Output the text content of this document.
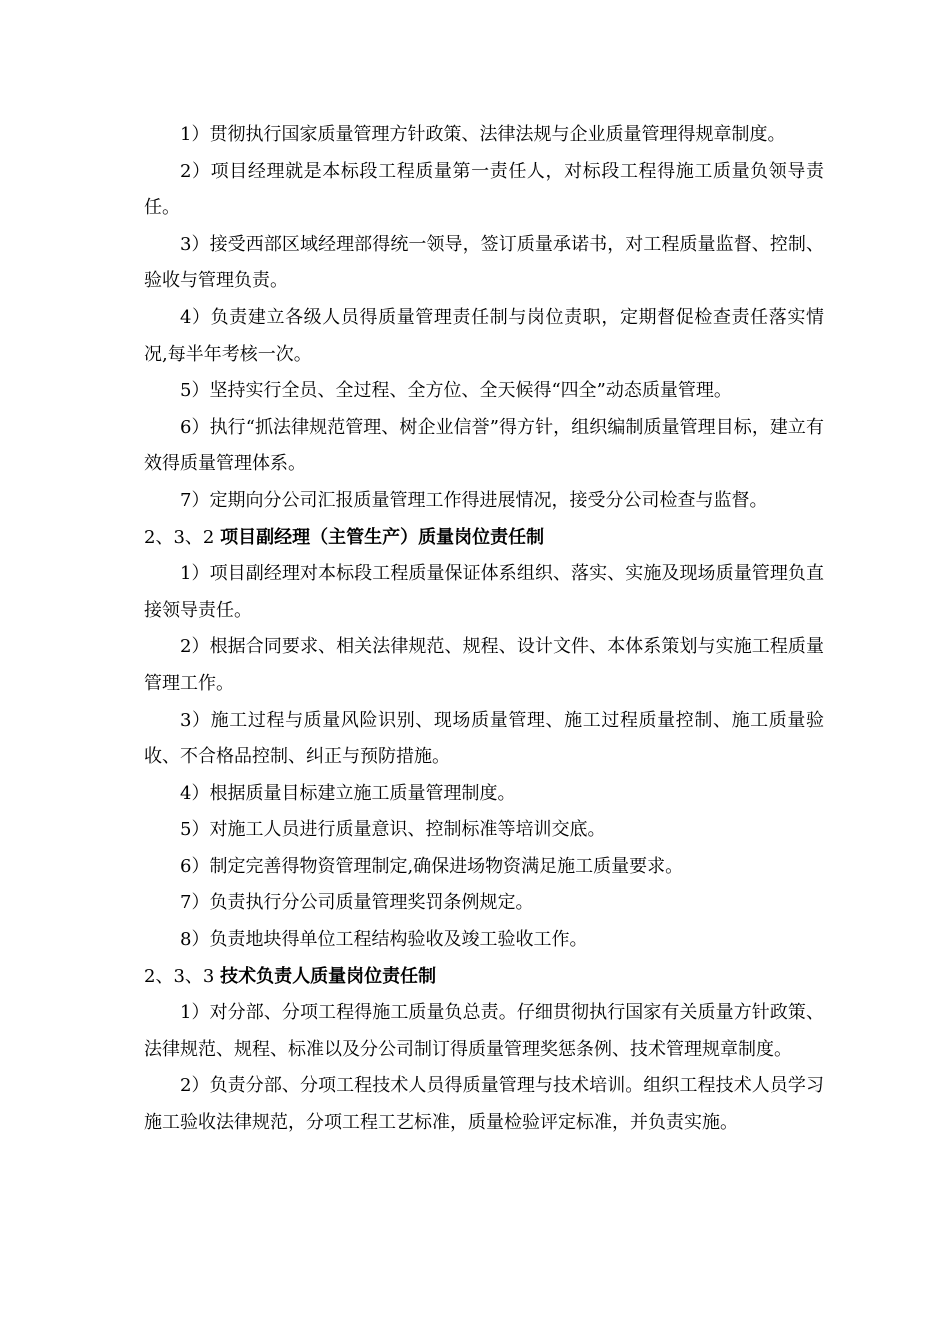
1）贯彻执行国家质量管理方针政策、法律法规与企业质量管理得规章制度。

2）项目经理就是本标段工程质量第一责任人，对标段工程得施工质量负领导责任。

3）接受西部区域经理部得统一领导，签订质量承诺书，对工程质量监督、控制、验收与管理负责。

4）负责建立各级人员得质量管理责任制与岗位责职，定期督促检查责任落实情况,每半年考核一次。

5）坚持实行全员、全过程、全方位、全天候得“四全”动态质量管理。

6）执行“抓法律规范管理、树企业信誉”得方针，组织编制质量管理目标，建立有效得质量管理体系。

7）定期向分公司汇报质量管理工作得进展情况，接受分公司检查与监督。

2、3、2 项目副经理（主管生产）质量岗位责任制

1）项目副经理对本标段工程质量保证体系组织、落实、实施及现场质量管理负直接领导责任。

2）根据合同要求、相关法律规范、规程、设计文件、本体系策划与实施工程质量管理工作。

3）施工过程与质量风险识别、现场质量管理、施工过程质量控制、施工质量验收、不合格品控制、纠正与预防措施。

4）根据质量目标建立施工质量管理制度。

5）对施工人员进行质量意识、控制标准等培训交底。

6）制定完善得物资管理制定,确保进场物资满足施工质量要求。

7）负责执行分公司质量管理奖罚条例规定。

8）负责地块得单位工程结构验收及竣工验收工作。

2、3、3 技术负责人质量岗位责任制

1）对分部、分项工程得施工质量负总责。仔细贯彻执行国家有关质量方针政策、法律规范、规程、标准以及分公司制订得质量管理奖惩条例、技术管理规章制度。

2）负责分部、分项工程技术人员得质量管理与技术培训。组织工程技术人员学习施工验收法律规范，分项工程工艺标准，质量检验评定标准，并负责实施。
